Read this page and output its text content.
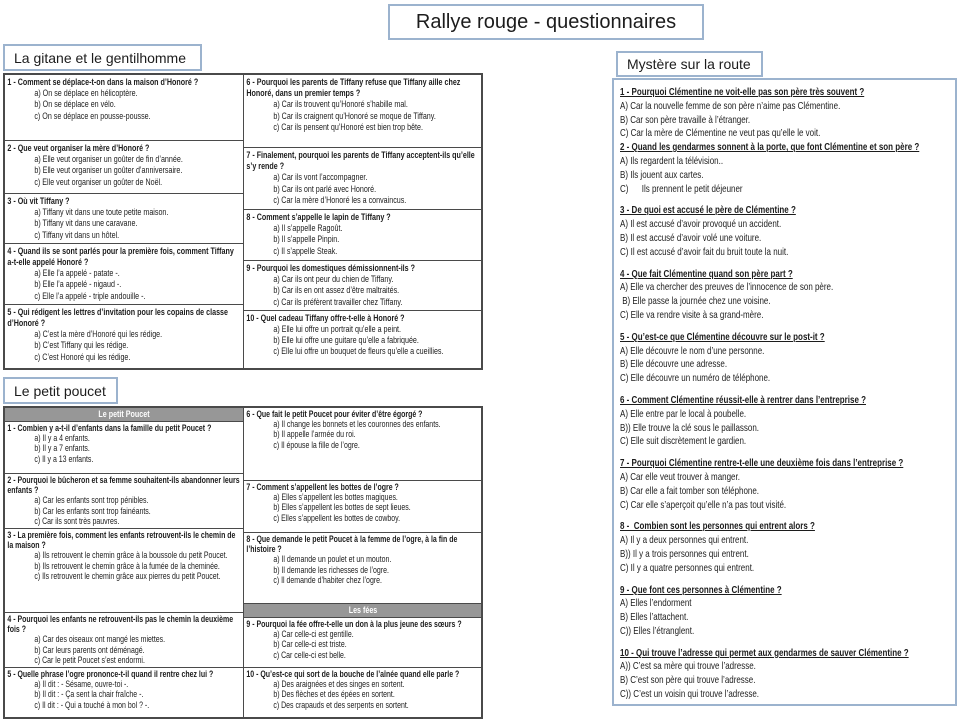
Rallye rouge - questionnaires
La gitane et le gentilhomme
1 - Comment se déplace-t-on dans la maison d’Honoré ?
a) On se déplace en hélicoptère.
b) On se déplace en vélo.
c) On se déplace en pousse-pousse.
2 - Que veut organiser la mère d’Honoré ?
a) Elle veut organiser un goûter de fin d’année.
b) Elle veut organiser un goûter d’anniversaire.
c) Elle veut organiser un goûter de Noël.
3 - Où vit Tiffany ?
a) Tiffany vit dans une toute petite maison.
b) Tiffany vit dans une caravane.
c) Tiffany vit dans un hôtel.
4 - Quand ils se sont parlés pour la première fois, comment Tiffany a-t-elle appelé Honoré ?
a) Elle l’a appelé - patate -.
b) Elle l’a appelé - nigaud -.
c) Elle l’a appelé - triple andouille -.
5 - Qui rédigent les lettres d’invitation pour les copains de classe d’Honoré ?
a) C’est la mère d’Honoré qui les rédige.
b) C’est Tiffany qui les rédige.
c) C’est Honoré qui les rédige.
6 - Pourquoi les parents de Tiffany refuse que Tiffany aille chez Honoré, dans un premier temps ?
a) Car ils trouvent qu’Honoré s’habille mal.
b) Car ils craignent qu’Honoré se moque de Tiffany.
c) Car ils pensent qu’Honoré est bien trop bête.
7 - Finalement, pourquoi les parents de Tiffany acceptent-ils qu’elle s’y rende ?
a) Car ils vont l’accompagner.
b) Car ils ont parlé avec Honoré.
c) Car la mère d’Honoré les a convaincus.
8 - Comment s’appelle le lapin de Tiffany ?
a) Il s’appelle Ragoût.
b) Il s’appelle Pinpin.
c) Il s’appelle Steak.
9 - Pourquoi les domestiques démissionnent-ils ?
a) Car ils ont peur du chien de Tiffany.
b) Car ils en ont assez d’être maltraités.
c) Car ils préfèrent travailler chez Tiffany.
10 - Quel cadeau Tiffany offre-t-elle à Honoré ?
a) Elle lui offre un portrait qu’elle a peint.
b) Elle lui offre une guitare qu’elle a fabriquée.
c) Elle lui offre un bouquet de fleurs qu’elle a cueillies.
Le petit poucet
Le petit Poucet
1 - Combien y a-t-il d’enfants dans la famille du petit Poucet ?
a) Il y a 4 enfants.
b) Il y a 7 enfants.
c) Il y a 13 enfants.
2 - Pourquoi le bûcheron et sa femme souhaitent-ils abandonner leurs enfants ?
a) Car les enfants sont trop pénibles.
b) Car les enfants sont trop fainéants.
c) Car ils sont très pauvres.
3 - La première fois, comment les enfants retrouvent-ils le chemin de la maison ?
a) Ils retrouvent le chemin grâce à la boussole du petit Poucet.
b) Ils retrouvent le chemin grâce à la fumée de la cheminée.
c) Ils retrouvent le chemin grâce aux pierres du petit Poucet.
4 - Pourquoi les enfants ne retrouvent-ils pas le chemin la deuxième fois ?
a) Car des oiseaux ont mangé les miettes.
b) Car leurs parents ont déménagé.
c) Car le petit Poucet s’est endormi.
5 - Quelle phrase l’ogre prononce-t-il quand il rentre chez lui ?
a) Il dit : - Sésame, ouvre-toi -.
b) Il dit : - Ça sent la chair fraîche -.
c) Il dit : - Qui a touché à mon bol ? -.
6 - Que fait le petit Poucet pour éviter d’être égorgé ?
a) Il change les bonnets et les couronnes des enfants.
b) Il appelle l’armée du roi.
c) Il épouse la fille de l’ogre.
7 - Comment s’appellent les bottes de l’ogre ?
a) Elles s’appellent les bottes magiques.
b) Elles s’appellent les bottes de sept lieues.
c) Elles s’appellent les bottes de cowboy.
8 - Que demande le petit Poucet à la femme de l’ogre, à la fin de l’histoire ?
a) Il demande un poulet et un mouton.
b) Il demande les richesses de l’ogre.
c) Il demande d’habiter chez l’ogre.
Les fées
9 - Pourquoi la fée offre-t-elle un don à la plus jeune des sœurs ?
a) Car celle-ci est gentille.
b) Car celle-ci est triste.
c) Car celle-ci est belle.
10 - Qu’est-ce qui sort de la bouche de l’aînée quand elle parle ?
a) Des araignées et des singes en sortent.
b) Des flèches et des épées en sortent.
c) Des crapauds et des serpents en sortent.
Mystère sur la route
1 - Pourquoi Clémentine ne voit-elle pas son père très souvent ?
A) Car la nouvelle femme de son père n’aime pas Clémentine.
B) Car son père travaille à l’étranger.
C) Car la mère de Clémentine ne veut pas qu’elle le voit.
2 - Quand les gendarmes sonnent à la porte, que font Clémentine et son père ?
A) Ils regardent la télévision..
B) Ils jouent aux cartes.
C)      Ils prennent le petit déjeuner
3 - De quoi est accusé le père de Clémentine ?
A) Il est accusé d’avoir provoqué un accident.
B) Il est accusé d’avoir volé une voiture.
C) Il est accusé d’avoir fait du bruit toute la nuit.
4 - Que fait Clémentine quand son père part ?
A) Elle va chercher des preuves de l’innocence de son père.
B) Elle passe la journée chez une voisine.
C) Elle va rendre visite à sa grand-mère.
5 - Qu’est-ce que Clémentine découvre sur le post-it ?
A) Elle découvre le nom d’une personne.
B) Elle découvre une adresse.
C) Elle découvre un numéro de téléphone.
6 - Comment Clémentine réussit-elle à rentrer dans l’entreprise ?
A) Elle entre par le local à poubelle.
B)) Elle trouve la clé sous le paillasson.
C) Elle suit discrètement le gardien.
7 - Pourquoi Clémentine rentre-t-elle une deuxième fois dans l’entreprise ?
A) Car elle veut trouver à manger.
B) Car elle a fait tomber son téléphone.
C) Car elle s’aperçoit qu’elle n’a pas tout visité.
8 -  Combien sont les personnes qui entrent alors ?
A) Il y a deux personnes qui entrent.
B)) Il y a trois personnes qui entrent.
C) Il y a quatre personnes qui entrent.
9 - Que font ces personnes à Clémentine ?
A) Elles l’endorment
B) Elles l’attachent.
C)) Elles l’étranglent.
10 - Qui trouve l’adresse qui permet aux gendarmes de sauver Clémentine ?
A)) C’est sa mère qui trouve l’adresse.
B) C’est son père qui trouve l’adresse.
C)) C’est un voisin qui trouve l’adresse.
